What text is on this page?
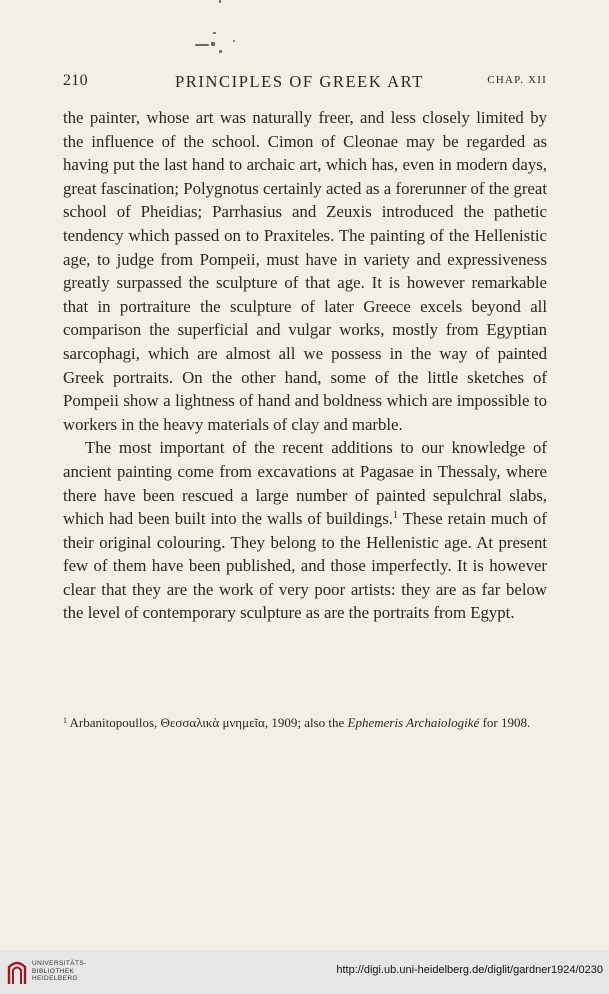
210	PRINCIPLES OF GREEK ART	CHAP. XII

the painter, whose art was naturally freer, and less closely limited by the influence of the school. Cimon of Cleonae may be regarded as having put the last hand to archaic art, which has, even in modern days, great fascination; Polygnotus certainly acted as a forerunner of the great school of Pheidias; Parrhasius and Zeuxis introduced the pathetic tendency which passed on to Praxiteles. The painting of the Hellenistic age, to judge from Pompeii, must have in variety and expressiveness greatly surpassed the sculpture of that age. It is however remarkable that in portraiture the sculpture of later Greece excels beyond all comparison the superficial and vulgar works, mostly from Egyptian sarcophagi, which are almost all we possess in the way of painted Greek portraits. On the other hand, some of the little sketches of Pompeii show a lightness of hand and boldness which are impossible to workers in the heavy materials of clay and marble.

The most important of the recent additions to our knowledge of ancient painting come from excavations at Pagasae in Thessaly, where there have been rescued a large number of painted sepulchral slabs, which had been built into the walls of buildings.$^1$ These retain much of their original colouring. They belong to the Hellenistic age. At present few of them have been published, and those imperfectly. It is however clear that they are the work of very poor artists: they are as far below the level of contemporary sculpture as are the portraits from Egypt.

$^1$ Arbanitopoullos, Θεσσαλικὰ μνημεῖα, 1909; also the Ephemeris Archaiologiké for 1908.
UNIVERSITÄTS-
BIBLIOTHEK
HEIDELBERG
http://digi.ub.uni-heidelberg.de/diglit/gardner1924/0230
